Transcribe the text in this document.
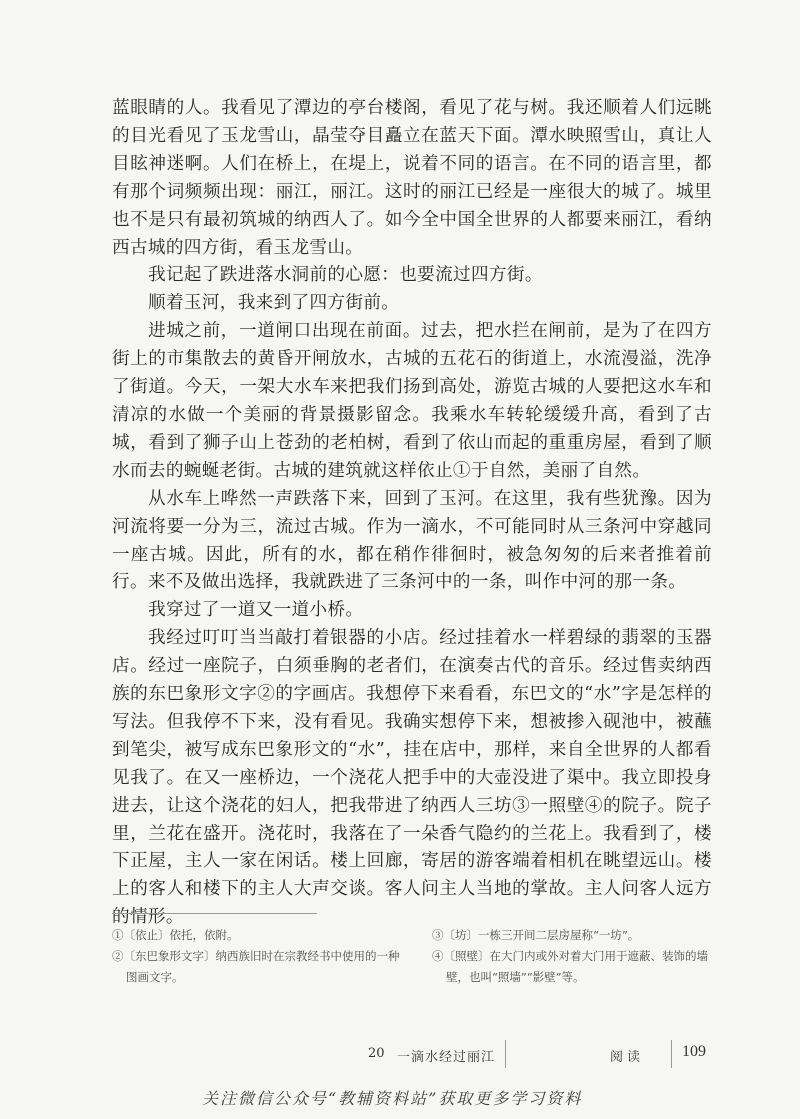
蓝眼睛的人。我看见了潭边的亭台楼阁，看见了花与树。我还顺着人们远眺的目光看见了玉龙雪山，晶莹夺目矗立在蓝天下面。潭水映照雪山，真让人目眩神迷啊。人们在桥上，在堤上，说着不同的语言。在不同的语言里，都有那个词频频出现：丽江，丽江。这时的丽江已经是一座很大的城了。城里也不是只有最初筑城的纳西人了。如今全中国全世界的人都要来丽江，看纳西古城的四方街，看玉龙雪山。

我记起了跌进落水洞前的心愿：也要流过四方街。

顺着玉河，我来到了四方街前。

进城之前，一道闸口出现在前面。过去，把水拦在闸前，是为了在四方街上的市集散去的黄昏开闸放水，古城的五花石的街道上，水流漫溢，洗净了街道。今天，一架大水车来把我们扬到高处，游览古城的人要把这水车和清凉的水做一个美丽的背景摄影留念。我乘水车转轮缓缓升高，看到了古城，看到了狮子山上苍劲的老柏树，看到了依山而起的重重房屋，看到了顺水而去的蜿蜒老街。古城的建筑就这样依止①于自然，美丽了自然。

从水车上哗然一声跌落下来，回到了玉河。在这里，我有些犹豫。因为河流将要一分为三，流过古城。作为一滴水，不可能同时从三条河中穿越同一座古城。因此，所有的水，都在稍作徘徊时，被急匆匆的后来者推着前行。来不及做出选择，我就跌进了三条河中的一条，叫作中河的那一条。

我穿过了一道又一道小桥。

我经过叮叮当当敲打着银器的小店。经过挂着水一样碧绿的翡翠的玉器店。经过一座院子，白须垂胸的老者们，在演奏古代的音乐。经过售卖纳西族的东巴象形文字②的字画店。我想停下来看看，东巴文的“水”字是怎样的写法。但我停不下来，没有看见。我确实想停下来，想被掺入砚池中，被蘸到笔尖，被写成东巴象形文的“水”，挂在店中，那样，来自全世界的人都看见我了。在又一座桥边，一个浇花人把手中的大壶没进了渠中。我立即投身进去，让这个浇花的妇人，把我带进了纳西人三坊③一照壁④的院子。院子里，兰花在盛开。浇花时，我落在了一朵香气隐约的兰花上。我看到了，楼下正屋，主人一家在闲话。楼上回廊，寄居的游客端着相机在眺望远山。楼上的客人和楼下的主人大声交谈。客人问主人当地的掌故。主人问客人远方的情形。

①〔依止〕依托，依附。

②〔东巴象形文字〕纳西族旧时在宗教经书中使用的一种图画文字。

③〔坊〕一栋三开间二层房屋称“一坊”。

④〔照壁〕在大门内或外对着大门用于遮蔽、装饰的墙壁，也叫“照墙”“影壁”等。

20 一滴水经过丽江	阅读 109
关注微信公众号“教辅资料站”获取更多学习资料
